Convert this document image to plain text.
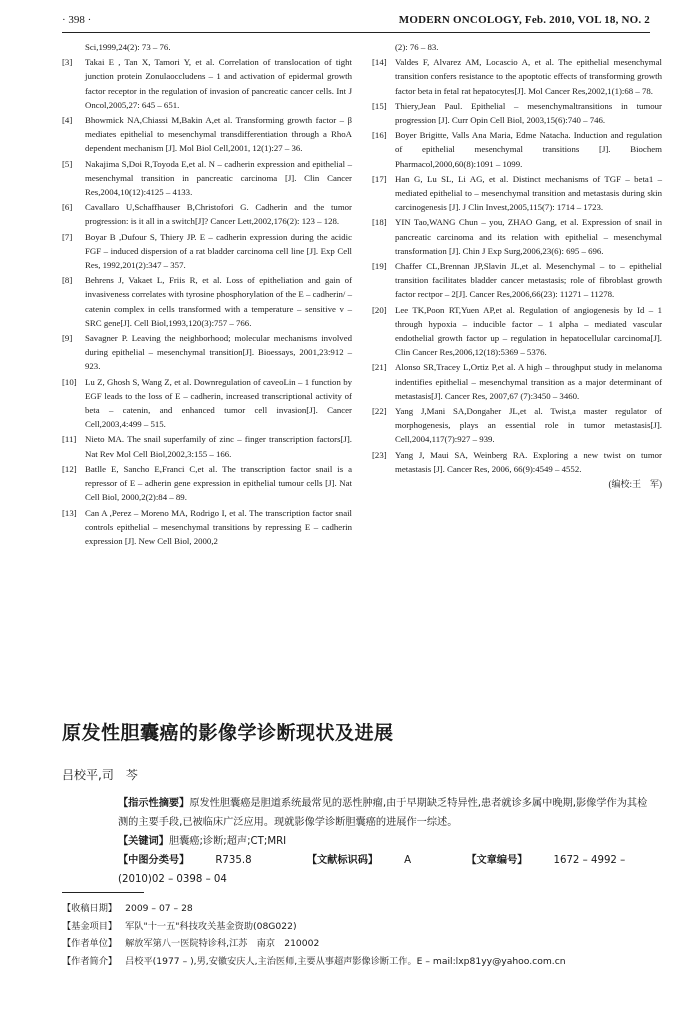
· 398 ·	MODERN ONCOLOGY, Feb. 2010, VOL 18, NO. 2
Sci,1999,24(2): 73 – 76.
[3] Takai E , Tan X, Tamori Y, et al. Correlation of translocation of tight junction protein Zonulaoccludens – 1 and activation of epidermal growth factor receptor in the regulation of invasion of pancreatic cancer cells. Int J Oncol,2005,27: 645 – 651.
[4] Bhowmick NA,Chiassi M,Bakin A,et al. Transforming growth factor – β mediates epithelial to mesenchymal transdifferentiation through a RhoA dependent mechanism [J]. Mol Biol Cell,2001, 12(1):27 – 36.
[5] Nakajima S,Doi R,Toyoda E,et al. N – cadherin expression and epithelial – mesenchymal transition in pancreatic carcinoma [J]. Clin Cancer Res,2004,10(12):4125 – 4133.
[6] Cavallaro U,Schaffhauser B,Christofori G. Cadherin and the tumor progression: is it all in a switch[J]? Cancer Lett,2002,176(2): 123 – 128.
[7] Boyar B ,Dufour S, Thiery JP. E – cadherin expression during the acidic FGF – induced dispersion of a rat bladder carcinoma cell line [J]. Exp Cell Res, 1992,201(2):347 – 357.
[8] Behrens J, Vakaet L, Friis R, et al. Loss of epitheliation and gain of invasiveness correlates with tyrosine phosphorylation of the E – cadherin/ – catenin complex in cells transformed with a temperature – sensitive v – SRC gene[J]. Cell Biol,1993,120(3):757 – 766.
[9] Savagner P. Leaving the neighborhood; molecular mechanisms involved during epithelial – mesenchymal transition[J]. Bioessays, 2001,23:912 – 923.
[10] Lu Z, Ghosh S, Wang Z, et al. Downregulation of caveoLin – 1 function by EGF leads to the loss of E – cadherin, increased transcriptional activity of beta – catenin, and enhanced tumor cell invasion[J]. Cancer Cell,2003,4:499 – 515.
[11] Nieto MA. The snail superfamily of zinc – finger transcription factors[J]. Nat Rev Mol Cell Biol,2002,3:155 – 166.
[12] Batlle E, Sancho E,Franci C,et al. The transcription factor snail is a repressor of E – adherin gene expression in epithelial tumour cells [J]. Nat Cell Biol, 2000,2(2):84 – 89.
[13] Can A ,Perez – Moreno MA, Rodrigo I, et al. The transcription factor snail controls epithelial – mesenchymal transitions by repressing E – cadherin expression [J]. New Cell Biol, 2000,2
(2): 76 – 83.
[14] Valdes F, Alvarez AM, Locascio A, et al. The epithelial mesenchymal transition confers resistance to the apoptotic effects of transforming growth factor beta in fetal rat hepatocytes[J]. Mol Cancer Res,2002,1(1):68 – 78.
[15] Thiery,Jean Paul. Epithelial – mesenchymaltransitions in tumour progression [J]. Curr Opin Cell Biol, 2003,15(6):740 – 746.
[16] Boyer Brigitte, Valls Ana Maria, Edme Natacha. Induction and regulation of epithelial mesenchymal transitions [J]. Biochem Pharmacol,2000,60(8):1091 – 1099.
[17] Han G, Lu SL, Li AG, et al. Distinct mechanisms of TGF – beta1 – mediated epithelial to – mesenchymal transition and metastasis during skin carcinogenesis [J]. J Clin Invest,2005,115(7): 1714 – 1723.
[18] YIN Tao,WANG Chun – you, ZHAO Gang, et al. Expression of snail in pancreatic carcinoma and its relation with epithelial – mesenchymal transformation [J]. Chin J Exp Surg,2006,23(6): 695 – 696.
[19] Chaffer CL,Brennan JP,Slavin JL,et al. Mesenchymal – to – epithelial transition facilitates bladder cancer metastasis; role of fibroblast growth factor rectpor – 2[J]. Cancer Res,2006,66(23): 11271 – 11278.
[20] Lee TK,Poon RT,Yuen AP,et al. Regulation of angiogenesis by Id – 1 through hypoxia – inducible factor – 1 alpha – mediated vascular endothelial growth factor up – regulation in hepatocellular carcinoma[J]. Clin Cancer Res,2006,12(18):5369 – 5376.
[21] Alonso SR,Tracey L,Ortiz P,et al. A high – throughput study in melanoma indentifies epithelial – mesenchymal transition as a major determinant of metastasis[J]. Cancer Res, 2007,67 (7):3450 – 3460.
[22] Yang J,Mani SA,Dongaher JL,et al. Twist,a master regulator of morphogenesis, plays an essential role in tumor metastasis[J]. Cell,2004,117(7):927 – 939.
[23] Yang J, Maui SA, Weinberg RA. Exploring a new twist on tumor metastasis [J]. Cancer Res, 2006, 66(9):4549 – 4552.
(编校:王　军)
原发性胆囊癌的影像学诊断现状及进展
吕校平,司　芩

【指示性摘要】原发性胆囊癌是胆道系统最常见的恶性肿瘤,由于早期缺乏特异性,患者就诊多属中晚期,影像学作为其检测的主要手段,已被临床广泛应用。现就影像学诊断胆囊癌的进展作一综述。

【关键词】胆囊癌;诊断;超声;CT;MRI

【中图分类号】	R735.8	【文献标识码】	A	【文章编号】	1672 – 4992 – (2010)02 – 0398 – 04

【收稿日期】 2009 – 07 – 28
【基金项目】 军队"十一五"科技攻关基金资助(08G022)
【作者单位】 解放军第八一医院特诊科,江苏　南京　210002
【作者简介】 吕校平(1977 – ),男,安徽安庆人,主治医师,主要从事超声影像诊断工作。E – mail:lxp81yy@yahoo.com.cn
